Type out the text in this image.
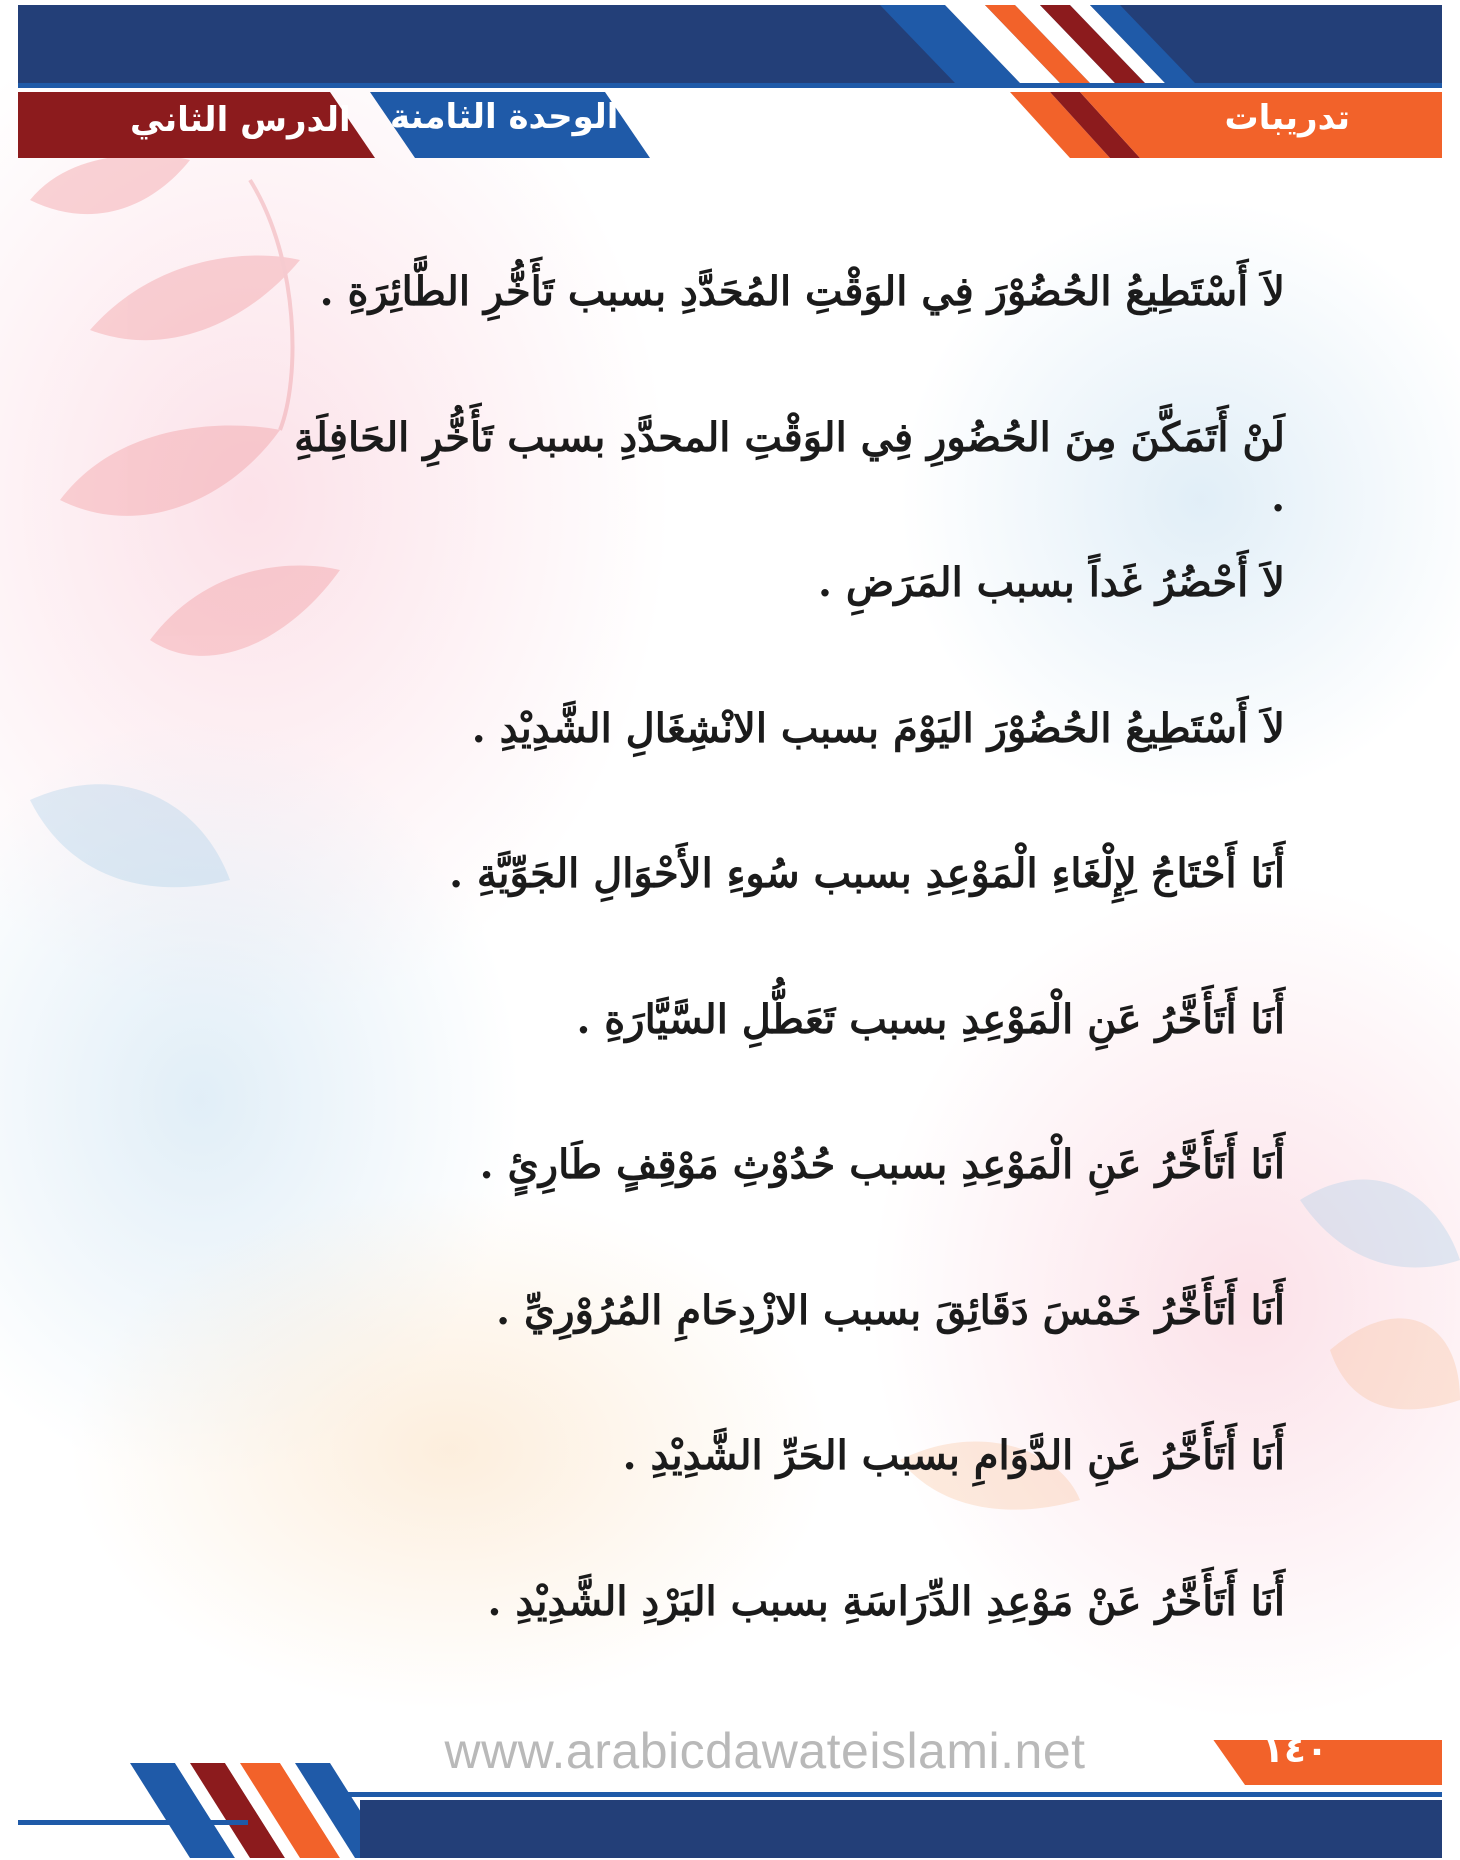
تدريبات
الوحدة الثامنة
الدرس الثاني

لاَ أَسْتَطِيعُ الحُضُوْرَ فِي الوَقْتِ المُحَدَّدِ بسبب تَأَخُّرِ الطَّائِرَةِ .

لَنْ أَتَمَكَّنَ مِنَ الحُضُورِ فِي الوَقْتِ المحدَّدِ بسبب تَأَخُّرِ الحَافِلَةِ .

لاَ أَحْضُرُ غَداً بسبب المَرَضِ .

لاَ أَسْتَطِيعُ الحُضُوْرَ اليَوْمَ بسبب الانْشِغَالِ الشَّدِيْدِ .

أَنَا أَحْتَاجُ لِإِلْغَاءِ الْمَوْعِدِ بسبب سُوءِ الأَحْوَالِ الجَوِّيَّةِ .

أَنَا أَتَأَخَّرُ عَنِ الْمَوْعِدِ بسبب تَعَطُّلِ السَّيَّارَةِ .

أَنَا أَتَأَخَّرُ عَنِ الْمَوْعِدِ بسبب حُدُوْثِ مَوْقِفٍ طَارِئٍ .

أَنَا أَتَأَخَّرُ خَمْسَ دَقَائِقَ بسبب الازْدِحَامِ المُرُوْرِيِّ .

أَنَا أَتَأَخَّرُ عَنِ الدَّوَامِ بسبب الحَرِّ الشَّدِيْدِ .

أَنَا أَتَأَخَّرُ عَنْ مَوْعِدِ الدِّرَاسَةِ بسبب البَرْدِ الشَّدِيْدِ .

www.arabicdawateislami.net	١٤٠
